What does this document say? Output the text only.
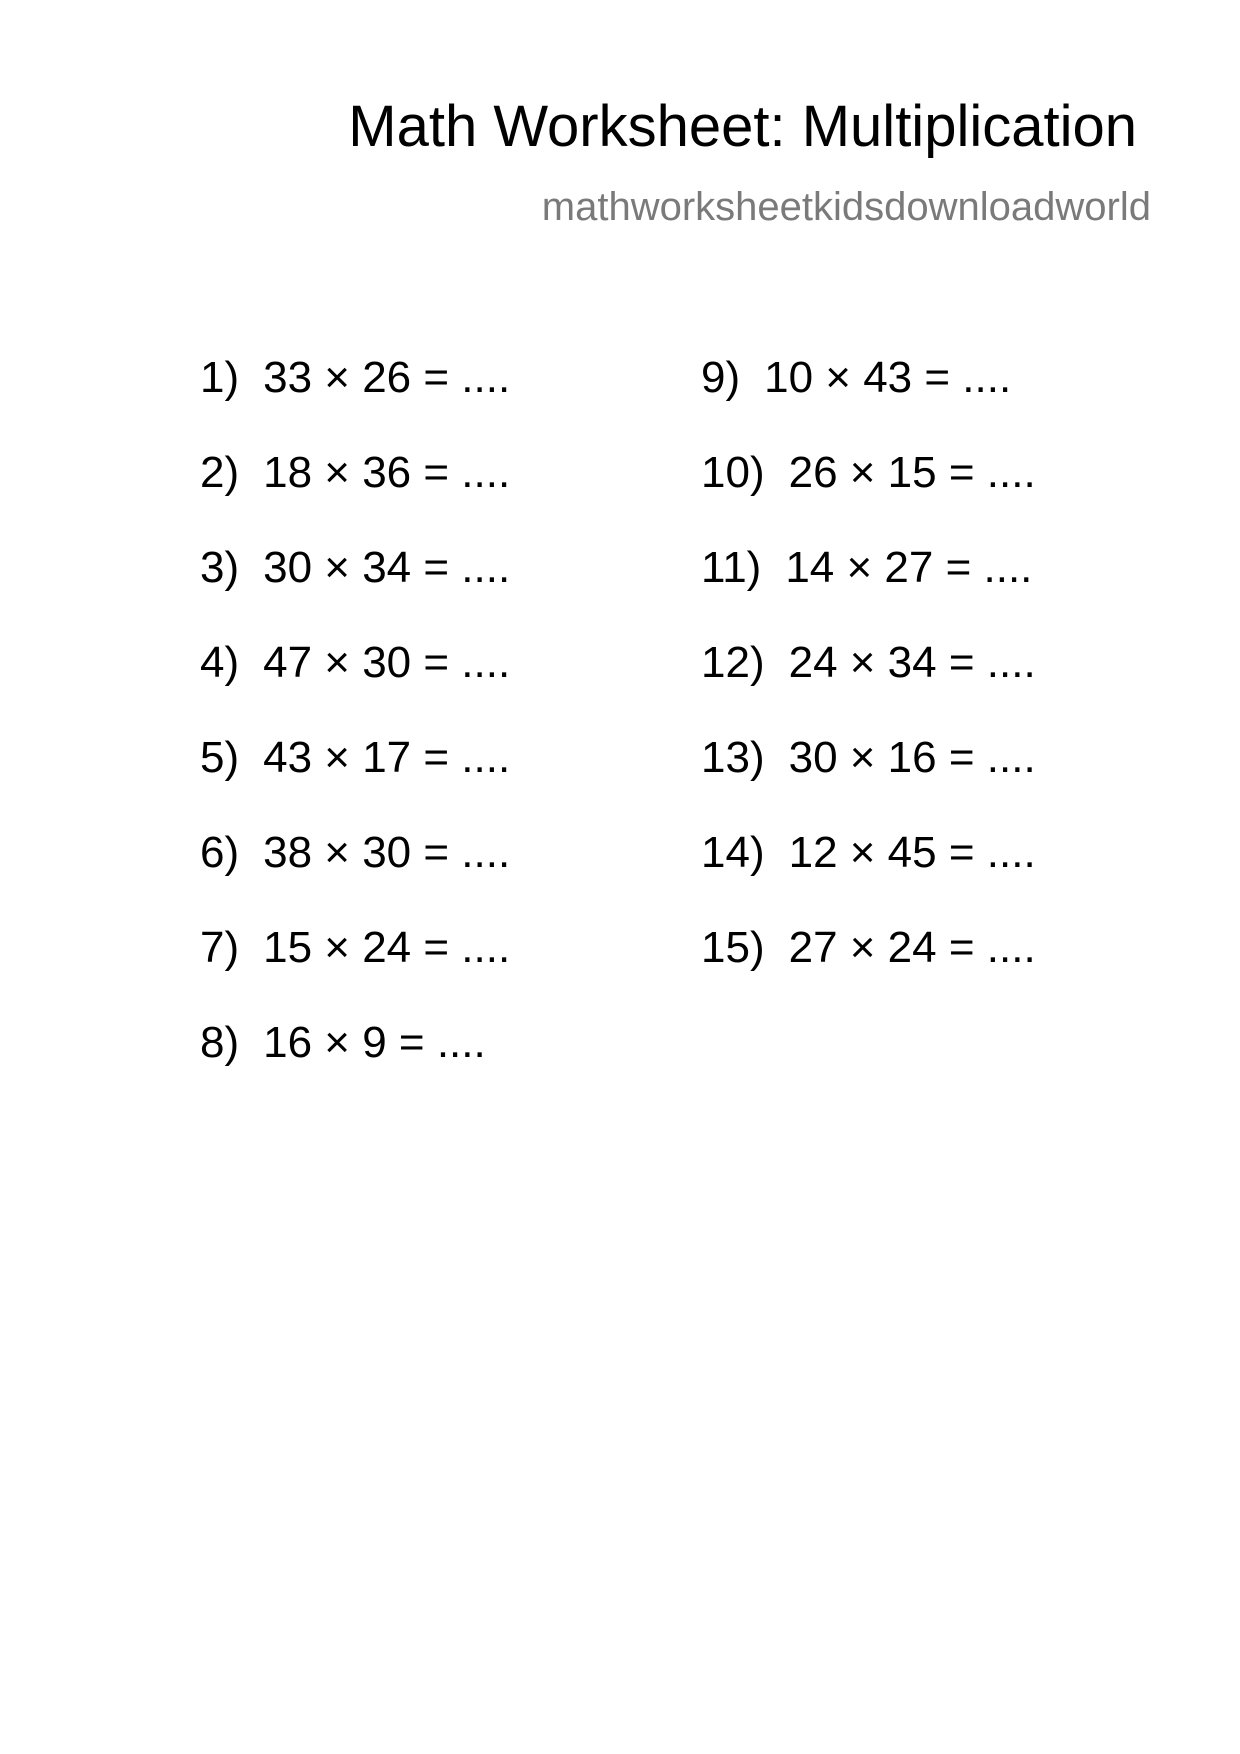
Math Worksheet: Multiplication

mathworksheetkidsdownloadworld

1) 33 × 26 = ....
2) 18 × 36 = ....
3) 30 × 34 = ....
4) 47 × 30 = ....
5) 43 × 17 = ....
6) 38 × 30 = ....
7) 15 × 24 = ....
8) 16 × 9 = ....
9) 10 × 43 = ....
10) 26 × 15 = ....
11) 14 × 27 = ....
12) 24 × 34 = ....
13) 30 × 16 = ....
14) 12 × 45 = ....
15) 27 × 24 = ....
